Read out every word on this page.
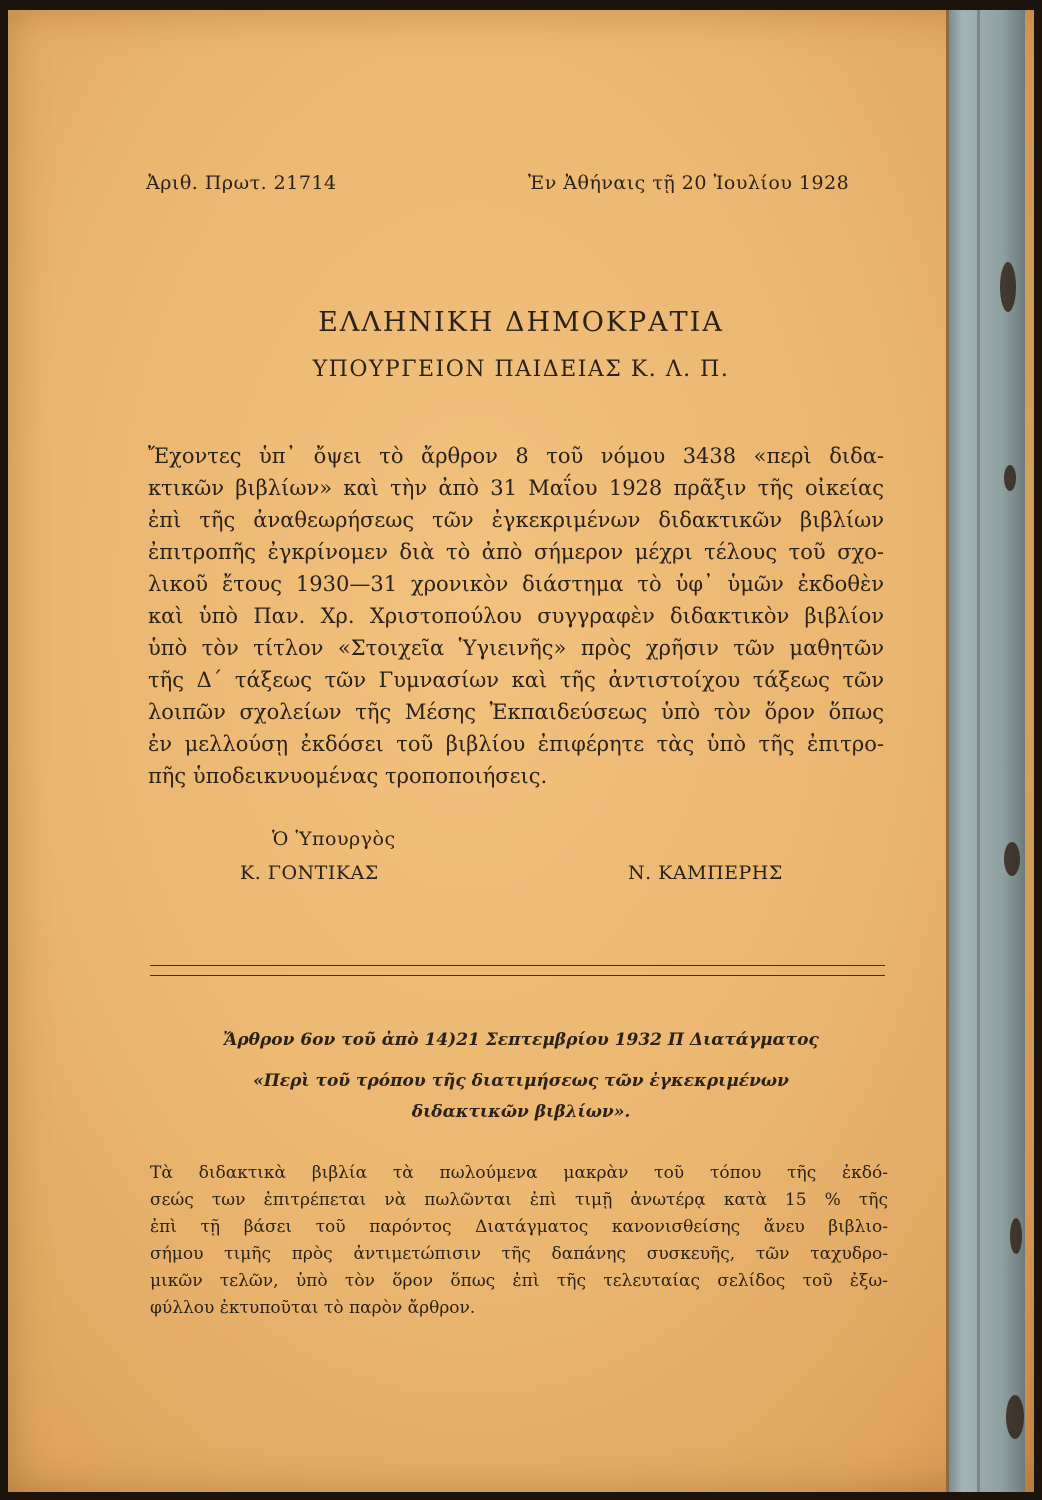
Ἀριθ. Πρωτ. 21714	Ἐν Ἀθήναις τῇ 20 Ἰουλίου 1928
ΕΛΛΗΝΙΚΗ ΔΗΜΟΚΡΑΤΙΑ
ΥΠΟΥΡΓΕΙΟΝ ΠΑΙΔΕΙΑΣ Κ. Λ. Π.
Ἔχοντες ὑπ᾿ ὄψει τὸ ἄρθρον 8 τοῦ νόμου 3438 «περὶ διδα-
κτικῶν βιβλίων» καὶ τὴν ἀπὸ 31 Μαΐου 1928 πρᾶξιν τῆς οἰκείας
ἐπὶ τῆς ἀναθεωρήσεως τῶν ἐγκεκριμένων διδακτικῶν βιβλίων
ἐπιτροπῆς ἐγκρίνομεν διὰ τὸ ἀπὸ σήμερον μέχρι τέλους τοῦ σχο-
λικοῦ ἔτους 1930—31 χρονικὸν διάστημα τὸ ὑφ᾿ ὑμῶν ἐκδοθὲν
καὶ ὑπὸ Παν. Χρ. Χριστοπούλου συγγραφὲν διδακτικὸν βιβλίον
ὑπὸ τὸν τίτλον «Στοιχεῖα Ὑγιεινῆς» πρὸς χρῆσιν τῶν μαθητῶν
τῆς Δ΄ τάξεως τῶν Γυμνασίων καὶ τῆς ἀντιστοίχου τάξεως τῶν
λοιπῶν σχολείων τῆς Μέσης Ἐκπαιδεύσεως ὑπὸ τὸν ὅρον ὅπως
ἐν μελλούσῃ ἐκδόσει τοῦ βιβλίου ἐπιφέρητε τὰς ὑπὸ τῆς ἐπιτρο-
πῆς ὑποδεικνυομένας τροποποιήσεις.
Ὁ Ὑπουργὸς
Κ. ΓΟΝΤΙΚΑΣ	Ν. ΚΑΜΠΕΡΗΣ
Ἄρθρον 6ον τοῦ ἀπὸ 14)21 Σεπτεμβρίου 1932 Π Διατάγματος
«Περὶ τοῦ τρόπου τῆς διατιμήσεως τῶν ἐγκεκριμένων
διδακτικῶν βιβλίων».
Τὰ διδακτικὰ βιβλία τὰ πωλούμενα μακρὰν τοῦ τόπου τῆς ἐκδό-
σεώς των ἐπιτρέπεται νὰ πωλῶνται ἐπὶ τιμῇ ἀνωτέρᾳ κατὰ 15 % τῆς
ἐπὶ τῇ βάσει τοῦ παρόντος Διατάγματος κανονισθείσης ἄνευ βιβλιο-
σήμου τιμῆς πρὸς ἀντιμετώπισιν τῆς δαπάνης συσκευῆς, τῶν ταχυδρο-
μικῶν τελῶν, ὑπὸ τὸν ὅρον ὅπως ἐπὶ τῆς τελευταίας σελίδος τοῦ ἐξω-
φύλλου ἐκτυποῦται τὸ παρὸν ἄρθρον.
